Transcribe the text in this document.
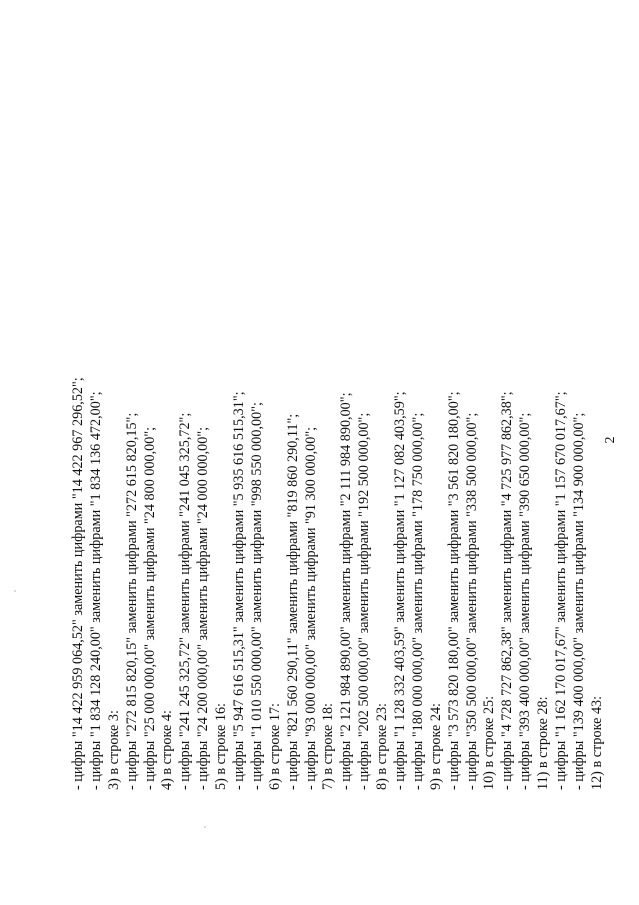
2
- цифры "14 422 959 064,52" заменить цифрами "14 422 967 296,52"; - цифры "1 834 128 240,00" заменить цифрами "1 834 136 472,00"; 3) в строке 3: - цифры "272 815 820,15" заменить цифрами "272 615 820,15"; - цифры "25 000 000,00" заменить цифрами "24 800 000,00"; 4) в строке 4: - цифры "241 245 325,72" заменить цифрами "241 045 325,72"; - цифры "24 200 000,00" заменить цифрами "24 000 000,00"; 5) в строке 16: - цифры "5 947 616 515,31" заменить цифрами "5 935 616 515,31"; - цифры "1 010 550 000,00" заменить цифрами "998 550 000,00"; 6) в строке 17: - цифры "821 560 290,11" заменить цифрами "819 860 290,11"; - цифры "93 000 000,00" заменить цифрами "91 300 000,00"; 7) в строке 18: - цифры "2 121 984 890,00" заменить цифрами "2 111 984 890,00"; - цифры "202 500 000,00" заменить цифрами "192 500 000,00"; 8) в строке 23: - цифры "1 128 332 403,59" заменить цифрами "1 127 082 403,59"; - цифры "180 000 000,00" заменить цифрами "178 750 000,00"; 9) в строке 24: - цифры "3 573 820 180,00" заменить цифрами "3 561 820 180,00"; - цифры "350 500 000,00" заменить цифрами "338 500 000,00"; 10) в строке 25: - цифры "4 728 727 862,38" заменить цифрами "4 725 977 862,38"; - цифры "393 400 000,00" заменить цифрами "390 650 000,00"; 11) в строке 28: - цифры "1 162 170 017,67" заменить цифрами "1 157 670 017,67"; - цифры "139 400 000,00" заменить цифрами "134 900 000,00"; 12) в строке 43:
